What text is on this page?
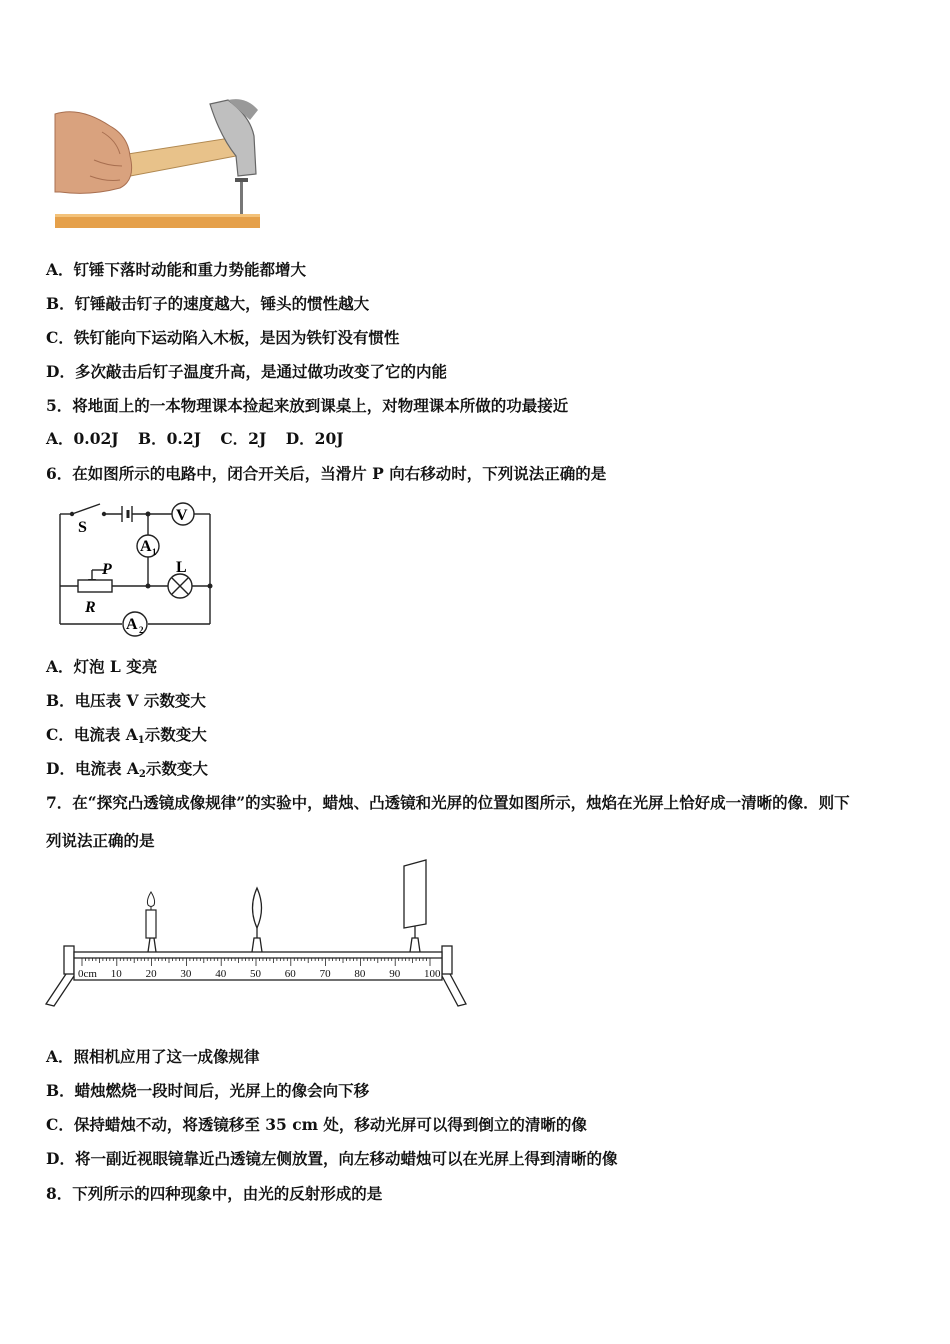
A．钉锤下落时动能和重力势能都增大
B．钉锤敲击钉子的速度越大，锤头的惯性越大
C．铁钉能向下运动陷入木板，是因为铁钉没有惯性
D．多次敲击后钉子温度升高，是通过做功改变了它的内能
5．将地面上的一本物理课本捡起来放到课桌上，对物理课本所做的功最接近
A．0.02J B．0.2J C．2J D．20J
6．在如图所示的电路中，闭合开关后，当滑片 P 向右移动时，下列说法正确的是
V
A 1
L
A 2
S
P
R
A．灯泡 L 变亮
B．电压表 V 示数变大
C．电流表 $A_1$示数变大
D．电流表 $A_2$示数变大
7．在“探究凸透镜成像规律”的实验中，蜡烛、凸透镜和光屏的位置如图所示，烛焰在光屏上恰好成一清晰的像．则下
列说法正确的是
0cm 10 20 30 40 50 60 70 80 90 100
A．照相机应用了这一成像规律
B．蜡烛燃烧一段时间后，光屏上的像会向下移
C．保持蜡烛不动，将透镜移至 35 cm 处，移动光屏可以得到倒立的清晰的像
D．将一副近视眼镜靠近凸透镜左侧放置，向左移动蜡烛可以在光屏上得到清晰的像
8．下列所示的四种现象中，由光的反射形成的是
